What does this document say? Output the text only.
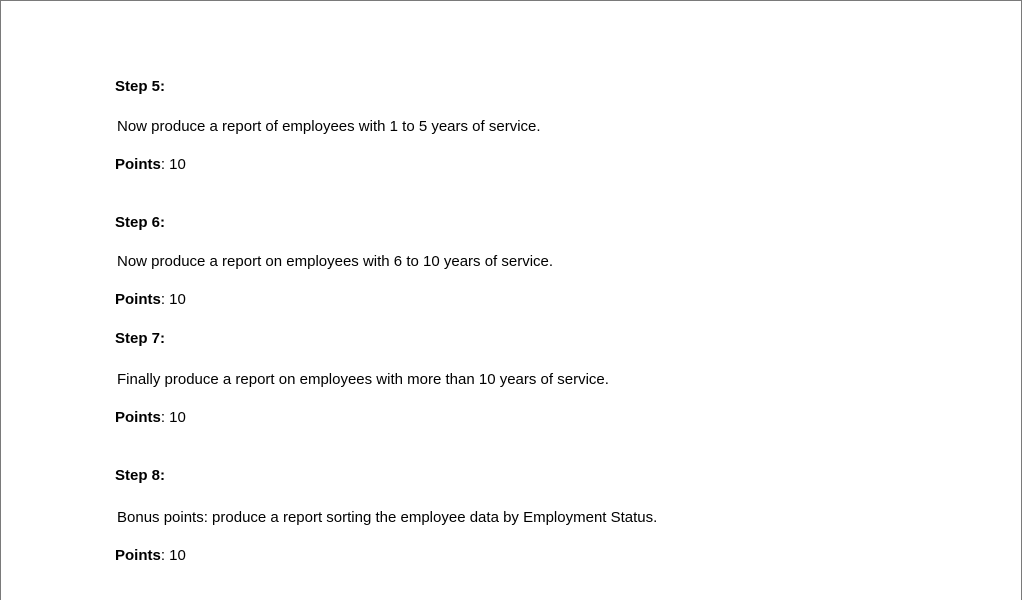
Step 5:
Now produce a report of employees with 1 to 5 years of service.
Points: 10
Step 6:
Now produce a report on employees with 6 to 10 years of service.
Points: 10
Step 7:
Finally produce a report on employees with more than 10 years of service.
Points: 10
Step 8:
Bonus points: produce a report sorting the employee data by Employment Status.
Points: 10
